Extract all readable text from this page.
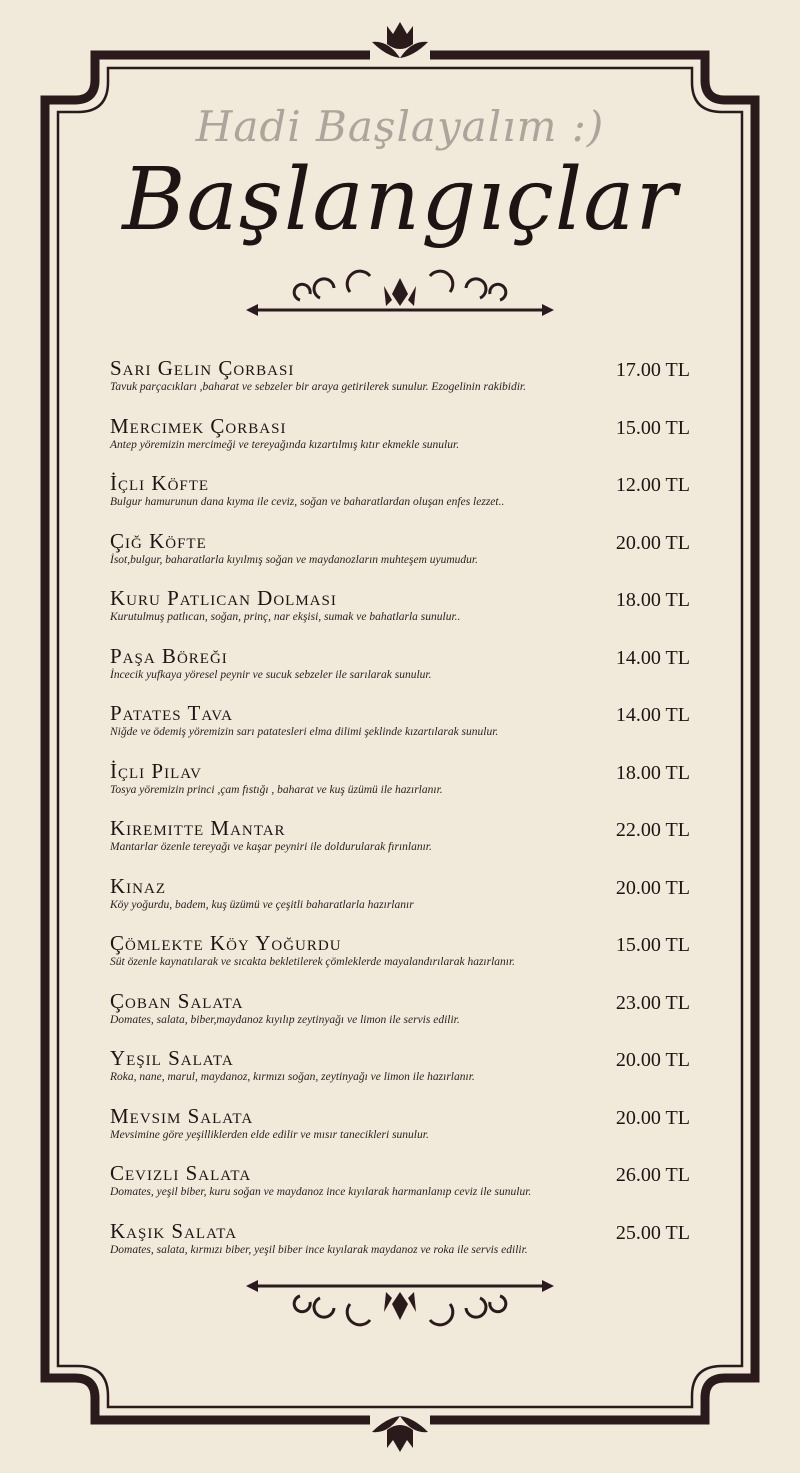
Hadi Başlayalım :)
Başlangıçlar
Sarı Gelin Çorbası
Tavuk parçacıkları ,baharat ve sebzeler bir araya getirilerek sunulur. Ezogelinin rakibidir.
17.00 TL
Mercimek Çorbası
Antep yöremizin mercimeği ve tereyağında kızartılmış kıtır ekmekle sunulur.
15.00 TL
İçli Köfte
Bulgur hamurunun dana kıyma ile ceviz, soğan ve baharatlardan oluşan enfes lezzet..
12.00 TL
Çiğ Köfte
İsot,bulgur, baharatlarla kıyılmış soğan ve maydanozların muhteşem uyumudur.
20.00 TL
Kuru Patlıcan Dolması
Kurutulmuş patlıcan, soğan, prinç, nar ekşisi, sumak ve bahatlarla sunulur..
18.00 TL
Paşa Böreği
İncecik yufkaya yöresel peynir ve sucuk sebzeler ile sarılarak sunulur.
14.00 TL
Patates Tava
Niğde ve ödemiş yöremizin sarı patatesleri elma dilimi şeklinde kızartılarak sunulur.
14.00 TL
İçli Pilav
Tosya yöremizin princi ,çam fıstığı , baharat ve kuş üzümü ile hazırlanır.
18.00 TL
Kiremitte Mantar
Mantarlar özenle tereyağı ve kaşar peyniri ile doldurularak fırınlanır.
22.00 TL
Kınaz
Köy yoğurdu, badem, kuş üzümü ve çeşitli baharatlarla hazırlanır
20.00 TL
Çömlekte Köy Yoğurdu
Süt özenle kaynatılarak ve sıcakta bekletilerek çömleklerde mayalandırılarak hazırlanır.
15.00 TL
Çoban Salata
Domates, salata, biber,maydanoz kıyılıp zeytinyağı ve limon ile servis edilir.
23.00 TL
Yeşil Salata
Roka, nane, marul, maydanoz, kırmızı soğan, zeytinyağı ve limon ile hazırlanır.
20.00 TL
Mevsim Salata
Mevsimine göre yeşilliklerden elde edilir ve mısır tanecikleri sunulur.
20.00 TL
Cevizli Salata
Domates, yeşil biber, kuru soğan ve maydanoz ince kıyılarak harmanlanıp ceviz ile sunulur.
26.00 TL
Kaşık Salata
Domates, salata, kırmızı biber, yeşil biber ince kıyılarak maydanoz ve roka ile servis edilir.
25.00 TL
